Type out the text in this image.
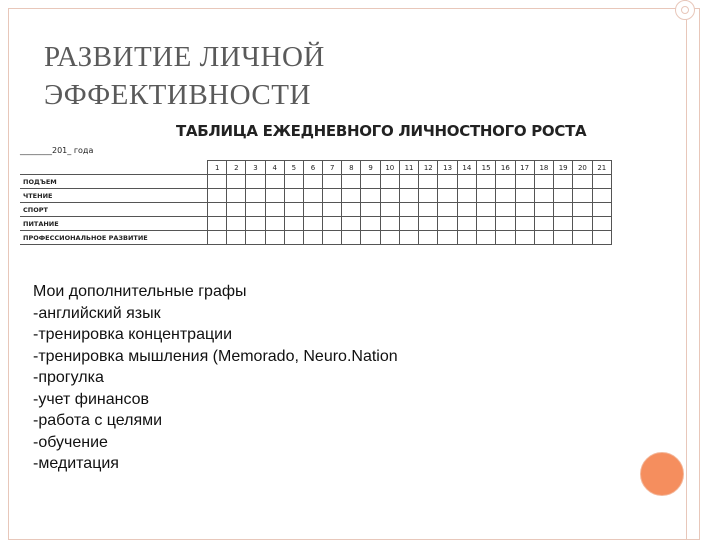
РАЗВИТИЕ ЛИЧНОЙ
ЭФФЕКТИВНОСТИ
ТАБЛИЦА ЕЖЕДНЕВНОГО ЛИЧНОСТНОГО РОСТА
________201_ года
	1	2	3	4	5	6	7	8	9	10	11	12	13	14	15	16	17	18	19	20	21
ПОДЪЕМ																					
ЧТЕНИЕ																					
СПОРТ																					
ПИТАНИЕ																					
ПРОФЕССИОНАЛЬНОЕ РАЗВИТИЕ																					
Мои дополнительные графы
-английский язык
-тренировка концентрации
-тренировка мышления (Memorado, Neuro.Nation
-прогулка
-учет финансов
-работа с целями
-обучение
-медитация
